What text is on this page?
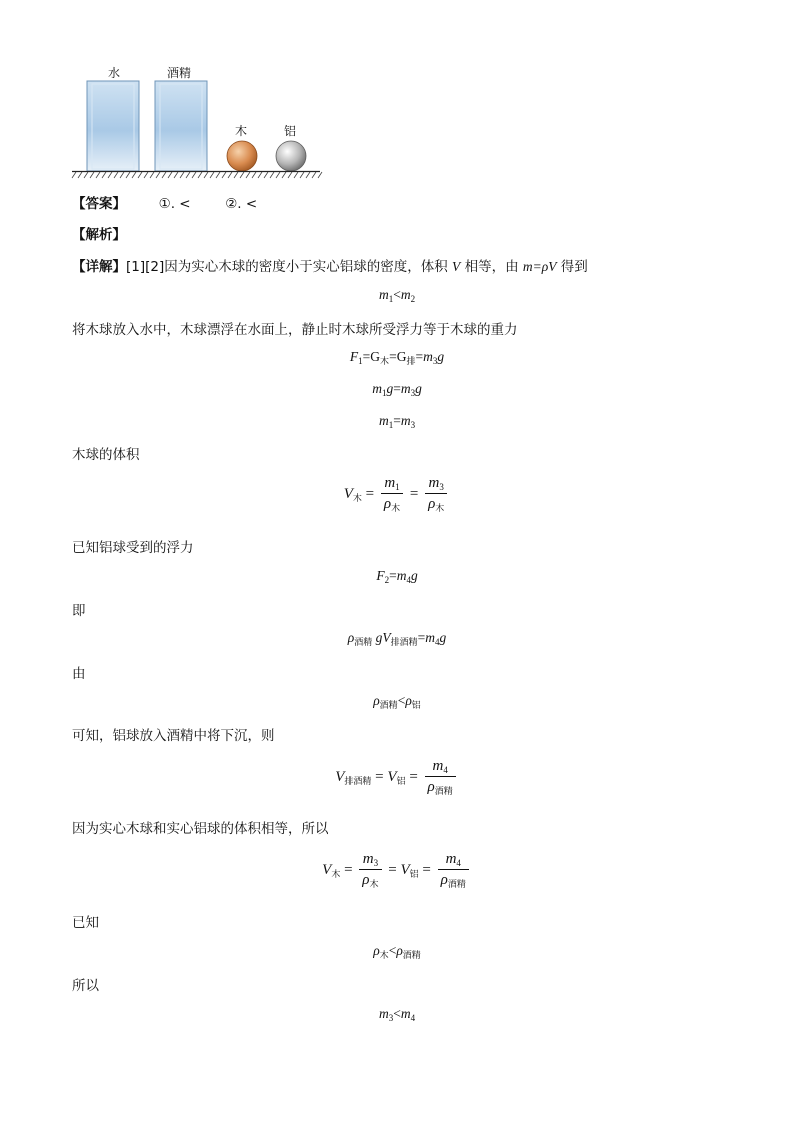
水	酒精
木	铝
【答案】 ①. <	②. <
【解析】
【详解】[1][2]因为实心木球的密度小于实心铝球的密度，体积 V 相等，由 m=ρV 得到
$m_1<m_2$
将木球放入水中，木球漂浮在水面上，静止时木球所受浮力等于木球的重力
$F_1=G_木=G_排=m_3g$
$m_1g=m_3g$
$m_1=m_3$
木球的体积
$V_木 = \frac{m_1}{\rho_木} = \frac{m_3}{\rho_木}$
已知铝球受到的浮力
$F_2=m_4g$
即
$\rho_{酒精}$ $gV_{排酒精}=m_4g$
由
$\rho_{酒精}<\rho_铝$
可知，铝球放入酒精中将下沉，则
$V_{排酒精} = V_铝 = \frac{m_4}{\rho_{酒精}}$
因为实心木球和实心铝球的体积相等，所以
$V_木 = \frac{m_3}{\rho_木} = V_铝 = \frac{m_4}{\rho_{酒精}}$
已知
$\rho_木<\rho_{酒精}$
所以
$m_3<m_4$
